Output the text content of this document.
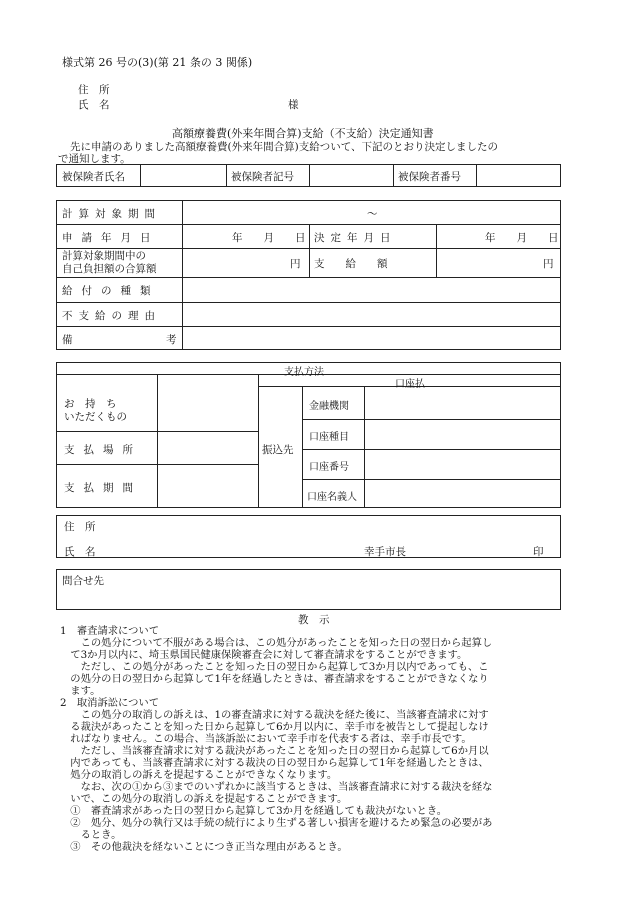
様式第 26 号の(3)(第 21 条の 3 関係)
住　所
氏　名	様
高額療養費(外来年間合算)支給（不支給）決定通知書
先に申請のありました高額療養費(外来年間合算)支給ついて、下記のとおり決定しましたの
で通知します。
被保険者氏名	被保険者記号	被保険者番号
計算対象期間	～
申請年月日	年　　月　　日 決定年月日	年　　月　　日
計算対象期間中の
自己負担額の合算額	円 支　　給　　額	円
給付の種類
不支給の理由
備	考
支払方法
口座払
お　持　ち
いただくもの
支払場所
支払期間
振込先
金融機関
口座種目
口座番号
口座名義人
住　所
氏　名	幸手市長	印
問合せ先
教　示
1　審査請求について
　　この処分について不服がある場合は、この処分があったことを知った日の翌日から起算し
　て3か月以内に、埼玉県国民健康保険審査会に対して審査請求をすることができます。
　　ただし、この処分があったことを知った日の翌日から起算して3か月以内であっても、こ
　の処分の日の翌日から起算して1年を経過したときは、審査請求をすることができなくなり
　ます。
2　取消訴訟について
　　この処分の取消しの訴えは、1の審査請求に対する裁決を経た後に、当該審査請求に対す
　る裁決があったことを知った日から起算して6か月以内に、幸手市を被告として提起しなけ
　ればなりません。この場合、当該訴訟において幸手市を代表する者は、幸手市長です。
　　ただし、当該審査請求に対する裁決があったことを知った日の翌日から起算して6か月以
　内であっても、当該審査請求に対する裁決の日の翌日から起算して1年を経過したときは、
　処分の取消しの訴えを提起することができなくなります。
　　なお、次の①から③までのいずれかに該当するときは、当該審査請求に対する裁決を経な
　いで、この処分の取消しの訴えを提起することができます。
　①　審査請求があった日の翌日から起算して3か月を経過しても裁決がないとき。
　②　処分、処分の執行又は手続の続行により生ずる著しい損害を避けるため緊急の必要があ
　　るとき。
　③　その他裁決を経ないことにつき正当な理由があるとき。
